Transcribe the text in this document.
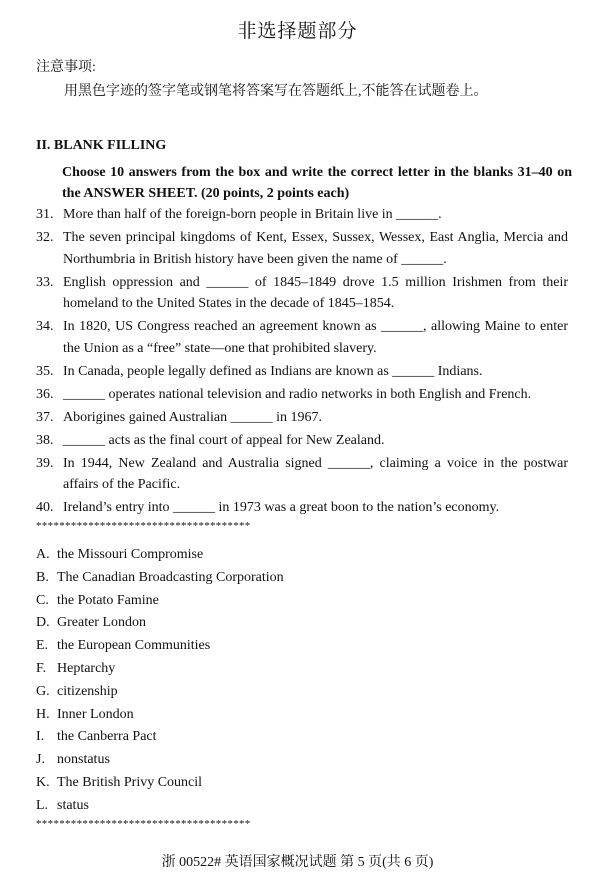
非选择题部分
注意事项:
用黑色字迹的签字笔或钢笔将答案写在答题纸上,不能答在试题卷上。
II. BLANK FILLING
Choose 10 answers from the box and write the correct letter in the blanks 31–40 on the ANSWER SHEET. (20 points, 2 points each)
31. More than half of the foreign-born people in Britain live in ______.
32. The seven principal kingdoms of Kent, Essex, Sussex, Wessex, East Anglia, Mercia and Northumbria in British history have been given the name of ______.
33. English oppression and ______ of 1845–1849 drove 1.5 million Irishmen from their homeland to the United States in the decade of 1845–1854.
34. In 1820, US Congress reached an agreement known as ______, allowing Maine to enter the Union as a “free” state—one that prohibited slavery.
35. In Canada, people legally defined as Indians are known as ______ Indians.
36. ______ operates national television and radio networks in both English and French.
37. Aborigines gained Australian ______ in 1967.
38. ______ acts as the final court of appeal for New Zealand.
39. In 1944, New Zealand and Australia signed ______, claiming a voice in the postwar affairs of the Pacific.
40. Ireland’s entry into ______ in 1973 was a great boon to the nation’s economy.
*************************************
A. the Missouri Compromise
B. The Canadian Broadcasting Corporation
C. the Potato Famine
D. Greater London
E. the European Communities
F. Heptarchy
G. citizenship
H. Inner London
I. the Canberra Pact
J. nonstatus
K. The British Privy Council
L. status
*************************************
浙 00522# 英语国家概况试题 第 5 页(共 6 页)
